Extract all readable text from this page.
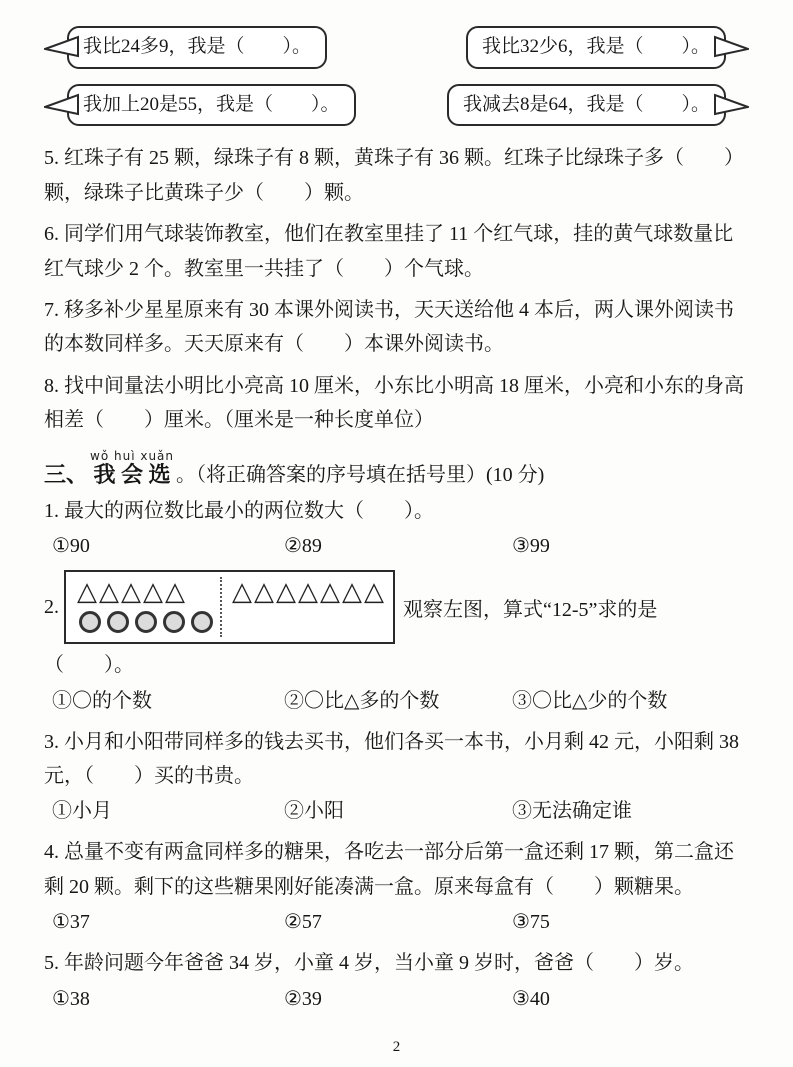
我比24多9，我是（　　）。	我比32少6，我是（　　）。
我加上20是55，我是（　　）。	我减去8是64，我是（　　）。

5. 红珠子有 25 颗，绿珠子有 8 颗，黄珠子有 36 颗。红珠子比绿珠子多（　　）颗，绿珠子比黄珠子少（　　）颗。

6. 同学们用气球装饰教室，他们在教室里挂了 11 个红气球，挂的黄气球数量比红气球少 2 个。教室里一共挂了（　　）个气球。

7. 移多补少星星原来有 30 本课外阅读书，天天送给他 4 本后，两人课外阅读书的本数同样多。天天原来有（　　）本课外阅读书。

8. 找中间量法小明比小亮高 10 厘米，小东比小明高 18 厘米，小亮和小东的身高相差（　　）厘米。（厘米是一种长度单位）

三、
wǒ huì xuǎn
我 会 选 。（将正确答案的序号填在括号里）(10 分)

1. 最大的两位数比最小的两位数大（　　）。

①90	②89	③99
2. △ △ △ △ △ △ △ △ △ △ △ △
观察左图，算式“12-5”求的是

（　　）。

①〇的个数	②〇比△多的个数	③〇比△少的个数

3. 小月和小阳带同样多的钱去买书，他们各买一本书，小月剩 42 元，小阳剩 38 元，（　　）买的书贵。

①小月	②小阳	③无法确定谁

4. 总量不变有两盒同样多的糖果，各吃去一部分后第一盒还剩 17 颗，第二盒还剩 20 颗。剩下的这些糖果刚好能凑满一盒。原来每盒有（　　）颗糖果。

①37	②57	③75

5. 年龄问题今年爸爸 34 岁，小童 4 岁，当小童 9 岁时，爸爸（　　）岁。

①38	②39	③40
2
